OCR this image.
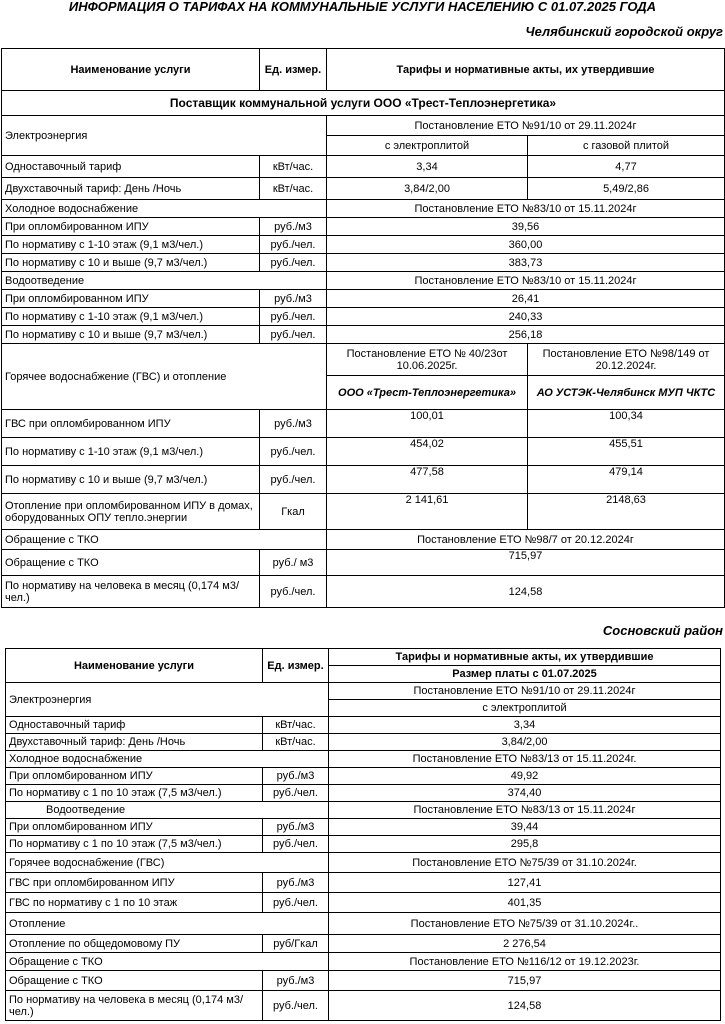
ИНФОРМАЦИЯ О ТАРИФАХ НА КОММУНАЛЬНЫЕ УСЛУГИ НАСЕЛЕНИЮ С 01.07.2025 ГОДА
Челябинский городской округ
Наименование услуги	Ед. измер.	Тарифы и нормативные акты, их утвердившие	
Поставщик коммунальной услуги ООО «Трест-Теплоэнергетика»			
Электроэнергия		Постановление ЕТО №91/10 от 29.11.2024г	
		с электроплитой	с газовой плитой
Одноставочный тариф	кВт/час.	3,34	4,77
Двухставочный тариф: День /Ночь	кВт/час.	3,84/2,00	5,49/2,86
Холодное водоснабжение		Постановление ЕТО №83/10 от 15.11.2024г	
При опломбированном ИПУ	руб./м3	39,56	
По нормативу с 1-10 этаж (9,1 м3/чел.)	руб./чел.	360,00	
По нормативу с 10 и выше (9,7 м3/чел.)	руб./чел.	383,73	
Водоотведение		Постановление ЕТО №83/10 от 15.11.2024г	
При опломбированном ИПУ	руб./м3	26,41	
По нормативу с 1-10 этаж (9,1 м3/чел.)	руб./чел.	240,33	
По нормативу с 10 и выше (9,7 м3/чел.)	руб./чел.	256,18	
Горячее водоснабжение (ГВС) и отопление		Постановление ЕТО № 40/23от 10.06.2025г.	Постановление ЕТО №98/149 от 20.12.2024г.
		ООО «Трест-Теплоэнергетика»	АО УСТЭК-Челябинск МУП ЧКТС
ГВС при опломбированном ИПУ	руб./м3	100,01	100,34
По нормативу с 1-10 этаж (9,1 м3/чел.)	руб./чел.	454,02	455,51
По нормативу с 10 и выше (9,7 м3/чел.)	руб./чел.	477,58	479,14
Отопление при опломбированном ИПУ в домах, оборудованных ОПУ тепло.энергии	Гкал	2 141,61	2148,63
Обращение с ТКО		Постановление ЕТО №98/7 от 20.12.2024г	
Обращение с ТКО	руб./ м3	715,97	
По нормативу на человека в месяц (0,174 м3/чел.)	руб./чел.	124,58	
Сосновский район
Наименование услуги	Ед. измер.	Тарифы и нормативные акты, их утвердившие
		Размер платы с 01.07.2025
Электроэнергия		Постановление ЕТО №91/10 от 29.11.2024г
		с электроплитой
Одноставочный тариф	кВт/час.	3,34
Двухставочный тариф: День /Ночь	кВт/час.	3,84/2,00
Холодное водоснабжение		Постановление ЕТО №83/13 от 15.11.2024г.
При опломбированном ИПУ	руб./м3	49,92
По нормативу с 1 по 10 этаж (7,5 м3/чел.)	руб./чел.	374,40
Водоотведение		Постановление ЕТО №83/13 от 15.11.2024г
При опломбированном ИПУ	руб./м3	39,44
По нормативу с 1 по 10 этаж (7,5 м3/чел.)	руб./чел.	295,8
Горячее водоснабжение (ГВС)		Постановление ЕТО №75/39 от 31.10.2024г.
ГВС при опломбированном ИПУ	руб./м3	127,41
ГВС по нормативу с 1 по 10 этаж	руб./чел.	401,35
Отопление		Постановление ЕТО №75/39 от 31.10.2024г..
Отопление по общедомовому ПУ	руб/Гкал	2 276,54
Обращение с ТКО		Постановление ЕТО №116/12 от 19.12.2023г.
Обращение с ТКО	руб./м3	715,97
По нормативу на человека в месяц (0,174 м3/чел.)	руб./чел.	124,58
